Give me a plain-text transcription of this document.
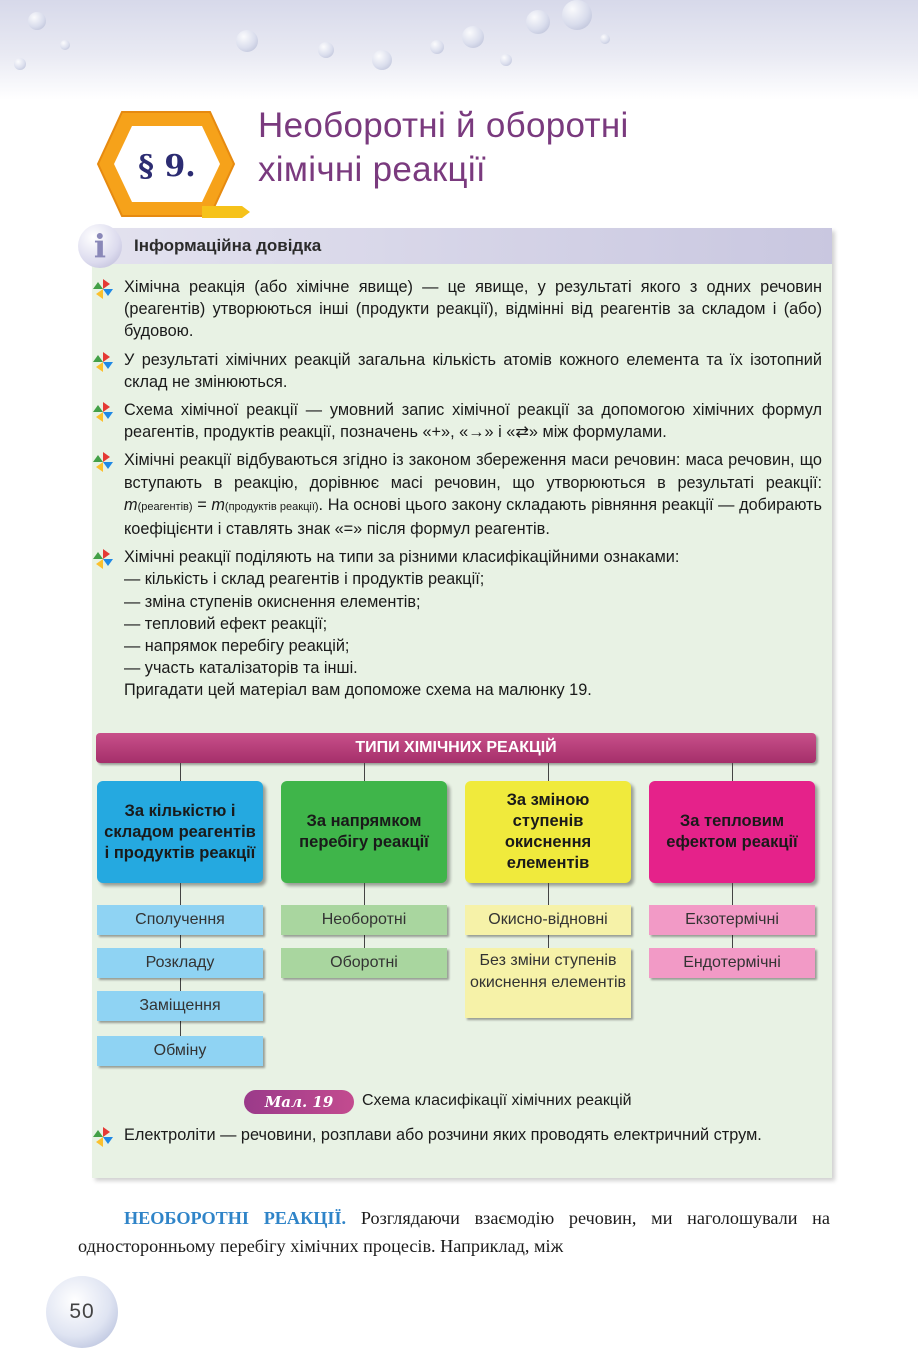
§ 9.
Необоротні й оборотні
хімічні реакції
i	Інформаційна довідка
Хімічна реакція (або хімічне явище) — це явище, у результаті якого з одних речовин (реагентів) утворюються інші (продукти реакції), відмінні від реагентів за складом і (або) будовою.
У результаті хімічних реакцій загальна кількість атомів кожного елемента та їх ізотопний склад не змінюються.
Схема хімічної реакції — умовний запис хімічної реакції за допомогою хімічних формул реагентів, продуктів реакції, позначень «+», «→» і «⇄» між формулами.
Хімічні реакції відбуваються згідно із законом збереження маси речовин: маса речовин, що вступають в реакцію, дорівнює масі речовин, що утворюються в результаті реакції: m(реагентів) = m(продуктів реакції). На основі цього закону складають рівняння реакції — добирають коефіцієнти і ставлять знак «=» після формул реагентів.
Хімічні реакції поділяють на типи за різними класифікаційними ознаками:
— кількість і склад реагентів і продуктів реакції;
— зміна ступенів окиснення елементів;
— тепловий ефект реакції;
— напрямок перебігу реакцій;
— участь каталізаторів та інші.
Пригадати цей матеріал вам допоможе схема на малюнку 19.
ТИПИ ХІМІЧНИХ РЕАКЦІЙ
За кількістю і складом реагентів і продуктів реакції
За напрямком перебігу реакції
За зміною ступенів окиснення елементів
За тепловим ефектом реакції
Сполучення
Розкладу
Заміщення
Обміну
Необоротні
Оборотні
Окисно-відновні
Без зміни ступенів окиснення елементів
Екзотермічні
Ендотермічні
Мал. 19	Схема класифікації хімічних реакцій
Електроліти — речовини, розплави або розчини яких проводять електричний струм.
НЕОБОРОТНІ РЕАКЦІЇ. Розглядаючи взаємодію речовин, ми наголошували на односторонньому перебігу хімічних процесів. Наприклад, між
50
